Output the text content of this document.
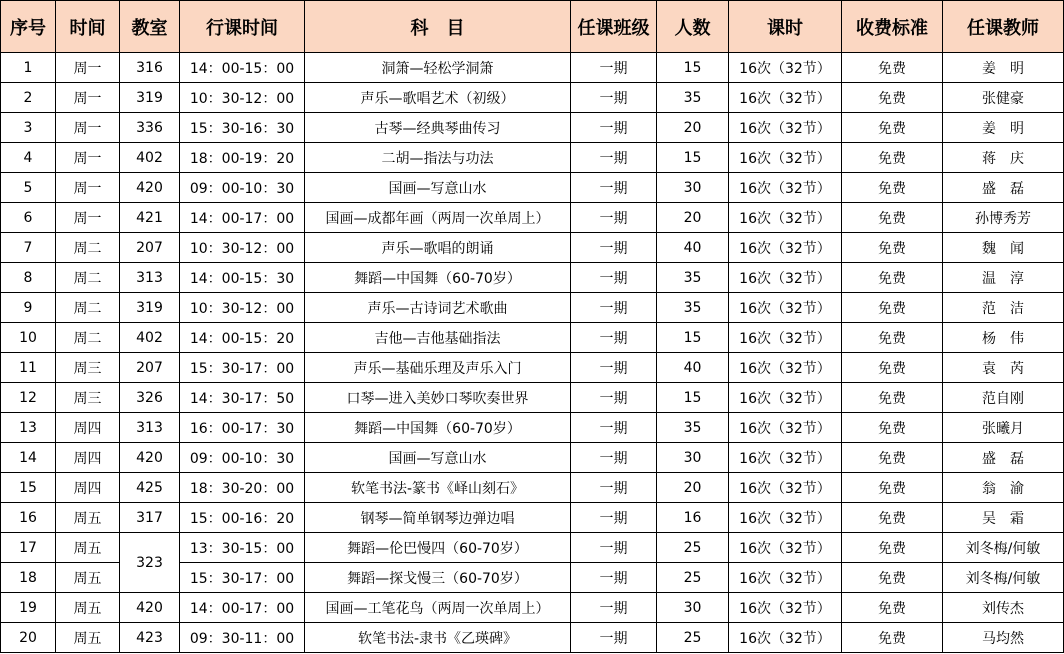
序号	时间	教室	行课时间	科　目	任课班级	人数	课时	收费标准	任课教师
1	周一	316	14：00-15：00	洞箫—轻松学洞箫	一期	15	16次（32节）	免费	姜　明
2	周一	319	10：30-12：00	声乐—歌唱艺术（初级）	一期	35	16次（32节）	免费	张健豪
3	周一	336	15：30-16：30	古琴—经典琴曲传习	一期	20	16次（32节）	免费	姜　明
4	周一	402	18：00-19：20	二胡—指法与功法	一期	15	16次（32节）	免费	蒋　庆
5	周一	420	09：00-10：30	国画—写意山水	一期	30	16次（32节）	免费	盛　磊
6	周一	421	14：00-17：00	国画—成都年画（两周一次单周上）	一期	20	16次（32节）	免费	孙博秀芳
7	周二	207	10：30-12：00	声乐—歌唱的朗诵	一期	40	16次（32节）	免费	魏　闻
8	周二	313	14：00-15：30	舞蹈—中国舞（60-70岁）	一期	35	16次（32节）	免费	温　淳
9	周二	319	10：30-12：00	声乐—古诗词艺术歌曲	一期	35	16次（32节）	免费	范　洁
10	周二	402	14：00-15：20	吉他—吉他基础指法	一期	15	16次（32节）	免费	杨　伟
11	周三	207	15：30-17：00	声乐—基础乐理及声乐入门	一期	40	16次（32节）	免费	袁　芮
12	周三	326	14：30-17：50	口琴—进入美妙口琴吹奏世界	一期	15	16次（32节）	免费	范自刚
13	周四	313	16：00-17：30	舞蹈—中国舞（60-70岁）	一期	35	16次（32节）	免费	张曦月
14	周四	420	09：00-10：30	国画—写意山水	一期	30	16次（32节）	免费	盛　磊
15	周四	425	18：30-20：00	软笔书法-篆书《峄山刻石》	一期	20	16次（32节）	免费	翁　渝
16	周五	317	15：00-16：20	钢琴—简单钢琴边弹边唱	一期	16	16次（32节）	免费	吴　霜
17	周五	323	13：30-15：00	舞蹈—伦巴慢四（60-70岁）	一期	25	16次（32节）	免费	刘冬梅/何敏
18	周五		15：30-17：00	舞蹈—探戈慢三（60-70岁）	一期	25	16次（32节）	免费	刘冬梅/何敏
19	周五	420	14：00-17：00	国画—工笔花鸟（两周一次单周上）	一期	30	16次（32节）	免费	刘传杰
20	周五	423	09：30-11：00	软笔书法-隶书《乙瑛碑》	一期	25	16次（32节）	免费	马均然
